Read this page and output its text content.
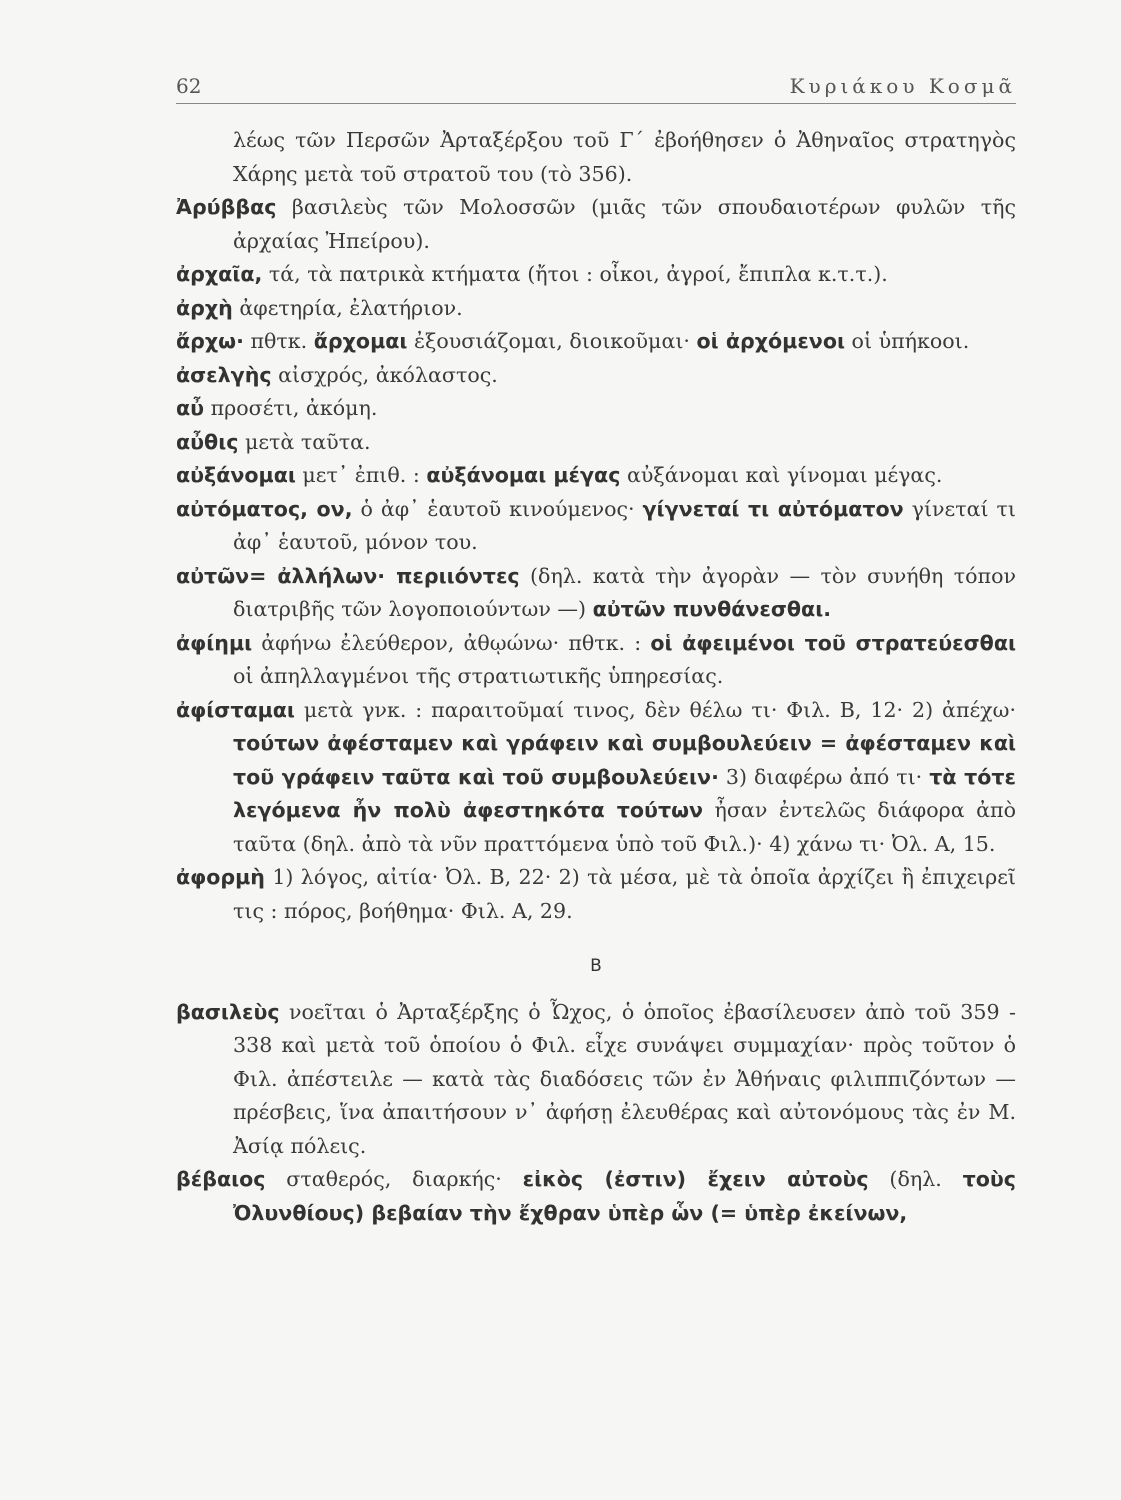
62	Κυριάκου Κοσμᾶ
λέως τῶν Περσῶν Ἀρταξέρξου τοῦ Γ΄ ἐβοήθησεν ὁ Ἀθηναῖος στρατηγὸς Χάρης μετὰ τοῦ στρατοῦ του (τὸ 356).
Ἀρύββας βασιλεὺς τῶν Μολοσσῶν (μιᾶς τῶν σπουδαιοτέρων φυλῶν τῆς ἀρχαίας Ἠπείρου).
ἀρχαῖα, τά, τὰ πατρικὰ κτήματα (ἤτοι : οἶκοι, ἀγροί, ἔπιπλα κ.τ.τ.).
ἀρχὴ ἀφετηρία, ἐλατήριον.
ἄρχω· πθτκ. ἄρχομαι ἐξουσιάζομαι, διοικοῦμαι· οἱ ἀρχόμενοι οἱ ὑπήκοοι.
ἀσελγὴς αἰσχρός, ἀκόλαστος.
αὖ προσέτι, ἀκόμη.
αὖθις μετὰ ταῦτα.
αὐξάνομαι μετ᾽ ἐπιθ. : αὐξάνομαι μέγας αὐξάνομαι καὶ γίνομαι μέγας.
αὐτόματος, ον, ὁ ἀφ᾽ ἑαυτοῦ κινούμενος· γίγνεταί τι αὐτόματον γίνεταί τι ἀφ᾽ ἑαυτοῦ, μόνον του.
αὐτῶν= ἀλλήλων· περιιόντες (δηλ. κατὰ τὴν ἀγορὰν — τὸν συνήθη τόπον διατριβῆς τῶν λογοποιούντων —) αὐτῶν πυνθάνεσθαι.
ἀφίημι ἀφήνω ἐλεύθερον, ἀθῳώνω· πθτκ. : οἱ ἀφειμένοι τοῦ στρατεύεσθαι οἱ ἀπηλλαγμένοι τῆς στρατιωτικῆς ὑπηρεσίας.
ἀφίσταμαι μετὰ γνκ. : παραιτοῦμαί τινος, δὲν θέλω τι· Φιλ. Β, 12· 2) ἀπέχω· τούτων ἀφέσταμεν καὶ γράφειν καὶ συμβουλεύειν = ἀφέσταμεν καὶ τοῦ γράφειν ταῦτα καὶ τοῦ συμβουλεύειν· 3) διαφέρω ἀπό τι· τὰ τότε λεγόμενα ἦν πολὺ ἀφεστηκότα τούτων ἦσαν ἐντελῶς διάφορα ἀπὸ ταῦτα (δηλ. ἀπὸ τὰ νῦν πραττόμενα ὑπὸ τοῦ Φιλ.)· 4) χάνω τι· Ὀλ. Α, 15.
ἀφορμὴ 1) λόγος, αἰτία· Ὀλ. Β, 22· 2) τὰ μέσα, μὲ τὰ ὁποῖα ἀρχίζει ἢ ἐπιχειρεῖ τις : πόρος, βοήθημα· Φιλ. Α, 29.
Β
βασιλεὺς νοεῖται ὁ Ἀρταξέρξης ὁ Ὦχος, ὁ ὁποῖος ἐβασίλευσεν ἀπὸ τοῦ 359 - 338 καὶ μετὰ τοῦ ὁποίου ὁ Φιλ. εἶχε συνάψει συμμαχίαν· πρὸς τοῦτον ὁ Φιλ. ἀπέστειλε — κατὰ τὰς διαδόσεις τῶν ἐν Ἀθήναις φιλιππιζόντων — πρέσβεις, ἵνα ἀπαιτήσουν ν᾽ ἀφήσῃ ἐλευθέρας καὶ αὐτονόμους τὰς ἐν Μ. Ἀσίᾳ πόλεις.
βέβαιος σταθερός, διαρκής· εἰκὸς (ἐστιν) ἔχειν αὐτοὺς (δηλ. τοὺς Ὀλυνθίους) βεβαίαν τὴν ἔχθραν ὑπὲρ ὧν (= ὑπὲρ ἐκείνων,
